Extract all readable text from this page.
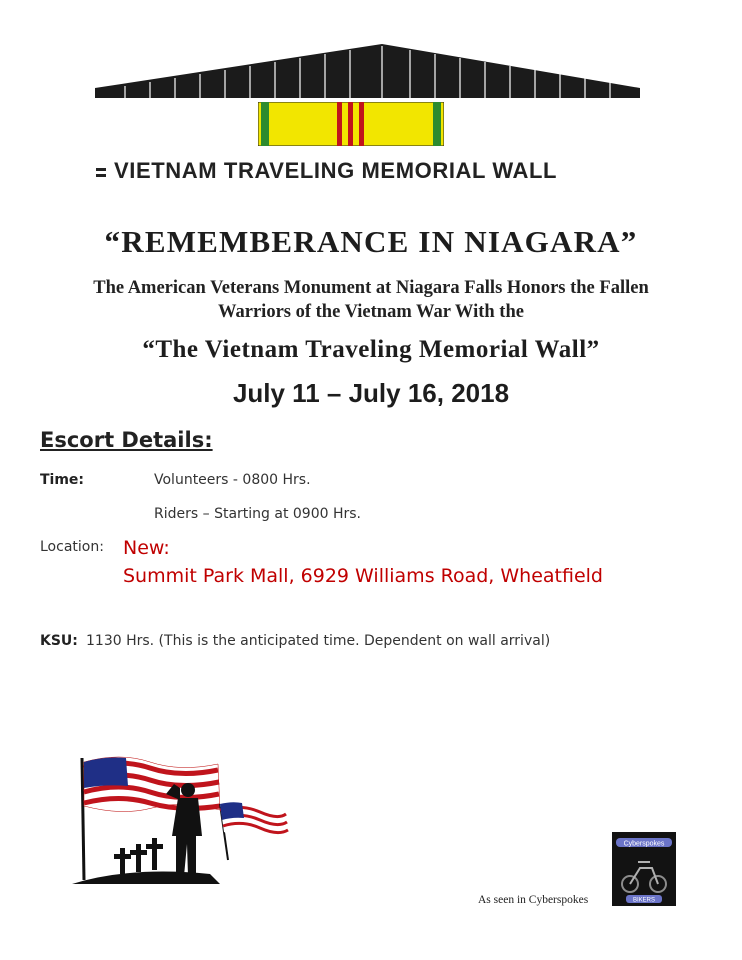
VIETNAM TRAVELING MEMORIAL WALL
“REMEMBERANCE IN NIAGARA”
The American Veterans Monument at Niagara Falls Honors the Fallen
Warriors of the Vietnam War With the
“The Vietnam Traveling Memorial Wall”
July 11 – July 16, 2018
Escort Details:
Time:	Volunteers - 0800 Hrs.
Riders – Starting at 0900 Hrs.
Location: New:
Summit Park Mall, 6929 Williams Road, Wheatfield
KSU: 1130 Hrs. (This is the anticipated time. Dependent on wall arrival)
Cyberspokes
BIKERS
As seen in Cyberspokes
